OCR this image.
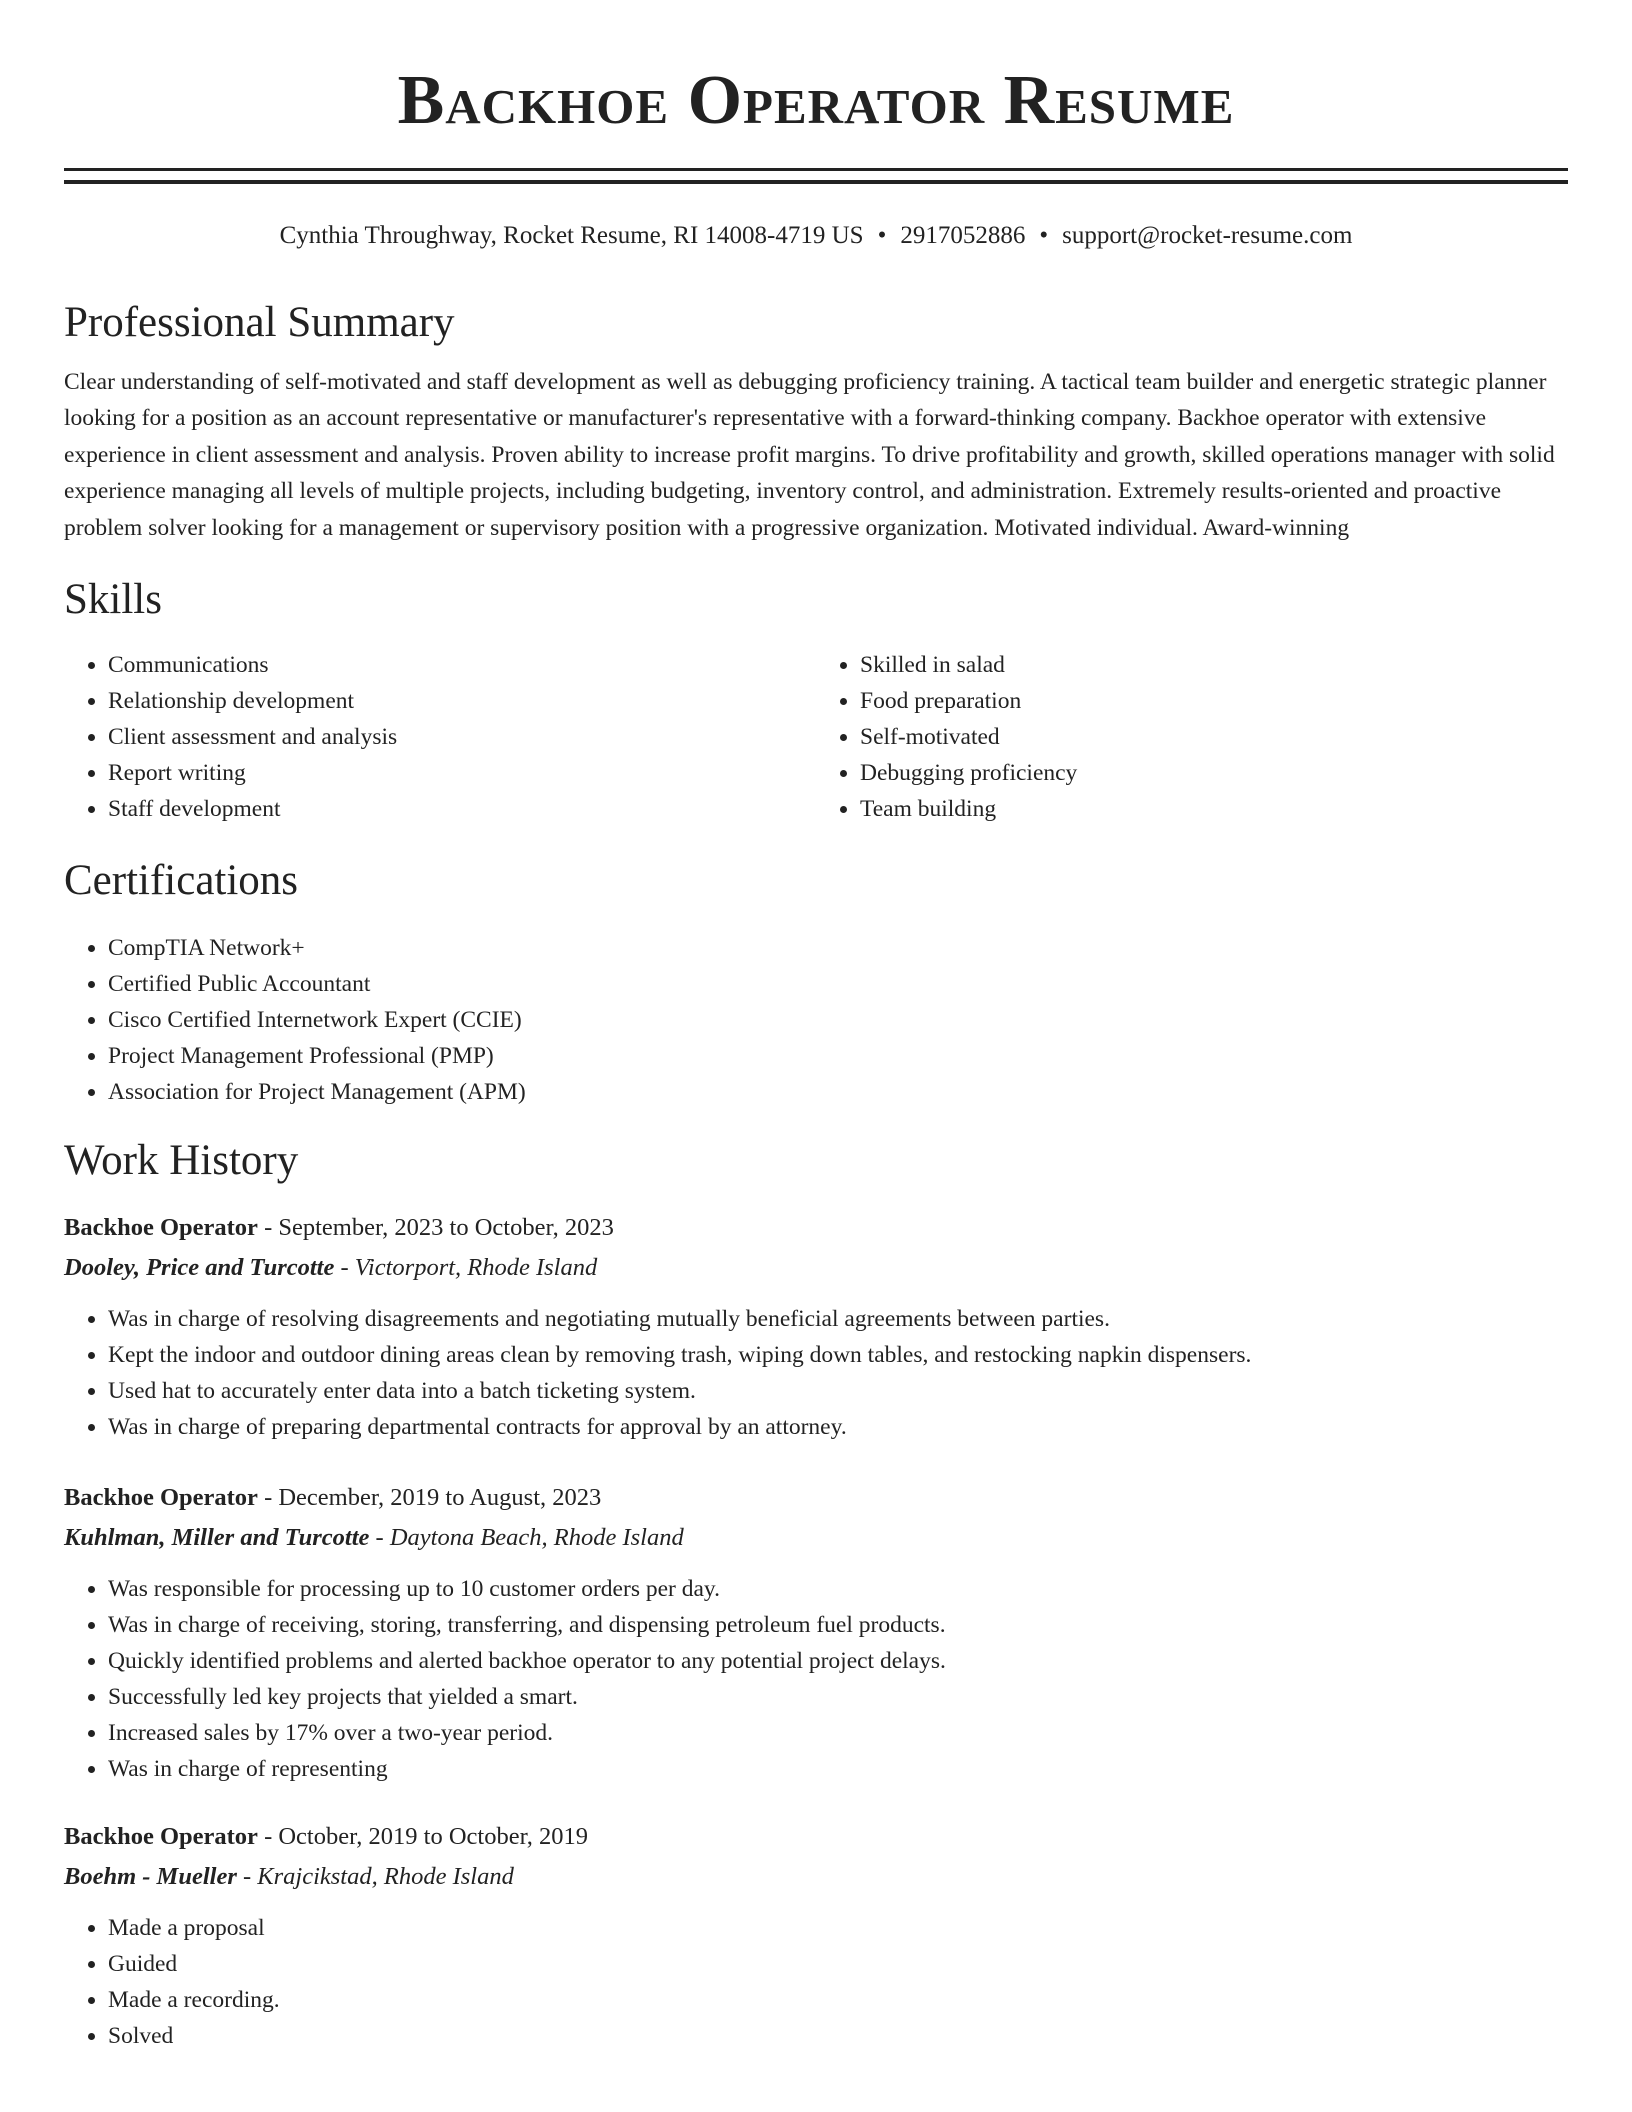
Backhoe Operator Resume
Cynthia Throughway, Rocket Resume, RI 14008-4719 US • 2917052886 • support@rocket-resume.com
Professional Summary
Clear understanding of self-motivated and staff development as well as debugging proficiency training. A tactical team builder and energetic strategic planner looking for a position as an account representative or manufacturer's representative with a forward-thinking company. Backhoe operator with extensive experience in client assessment and analysis. Proven ability to increase profit margins. To drive profitability and growth, skilled operations manager with solid experience managing all levels of multiple projects, including budgeting, inventory control, and administration. Extremely results-oriented and proactive problem solver looking for a management or supervisory position with a progressive organization. Motivated individual. Award-winning
Skills
• Communications
• Relationship development
• Client assessment and analysis
• Report writing
• Staff development
• Skilled in salad
• Food preparation
• Self-motivated
• Debugging proficiency
• Team building
Certifications
• CompTIA Network+
• Certified Public Accountant
• Cisco Certified Internetwork Expert (CCIE)
• Project Management Professional (PMP)
• Association for Project Management (APM)
Work History
Backhoe Operator - September, 2023 to October, 2023
Dooley, Price and Turcotte - Victorport, Rhode Island
• Was in charge of resolving disagreements and negotiating mutually beneficial agreements between parties.
• Kept the indoor and outdoor dining areas clean by removing trash, wiping down tables, and restocking napkin dispensers.
• Used hat to accurately enter data into a batch ticketing system.
• Was in charge of preparing departmental contracts for approval by an attorney.
Backhoe Operator - December, 2019 to August, 2023
Kuhlman, Miller and Turcotte - Daytona Beach, Rhode Island
• Was responsible for processing up to 10 customer orders per day.
• Was in charge of receiving, storing, transferring, and dispensing petroleum fuel products.
• Quickly identified problems and alerted backhoe operator to any potential project delays.
• Successfully led key projects that yielded a smart.
• Increased sales by 17% over a two-year period.
• Was in charge of representing
Backhoe Operator - October, 2019 to October, 2019
Boehm - Mueller - Krajcikstad, Rhode Island
• Made a proposal
• Guided
• Made a recording.
• Solved
